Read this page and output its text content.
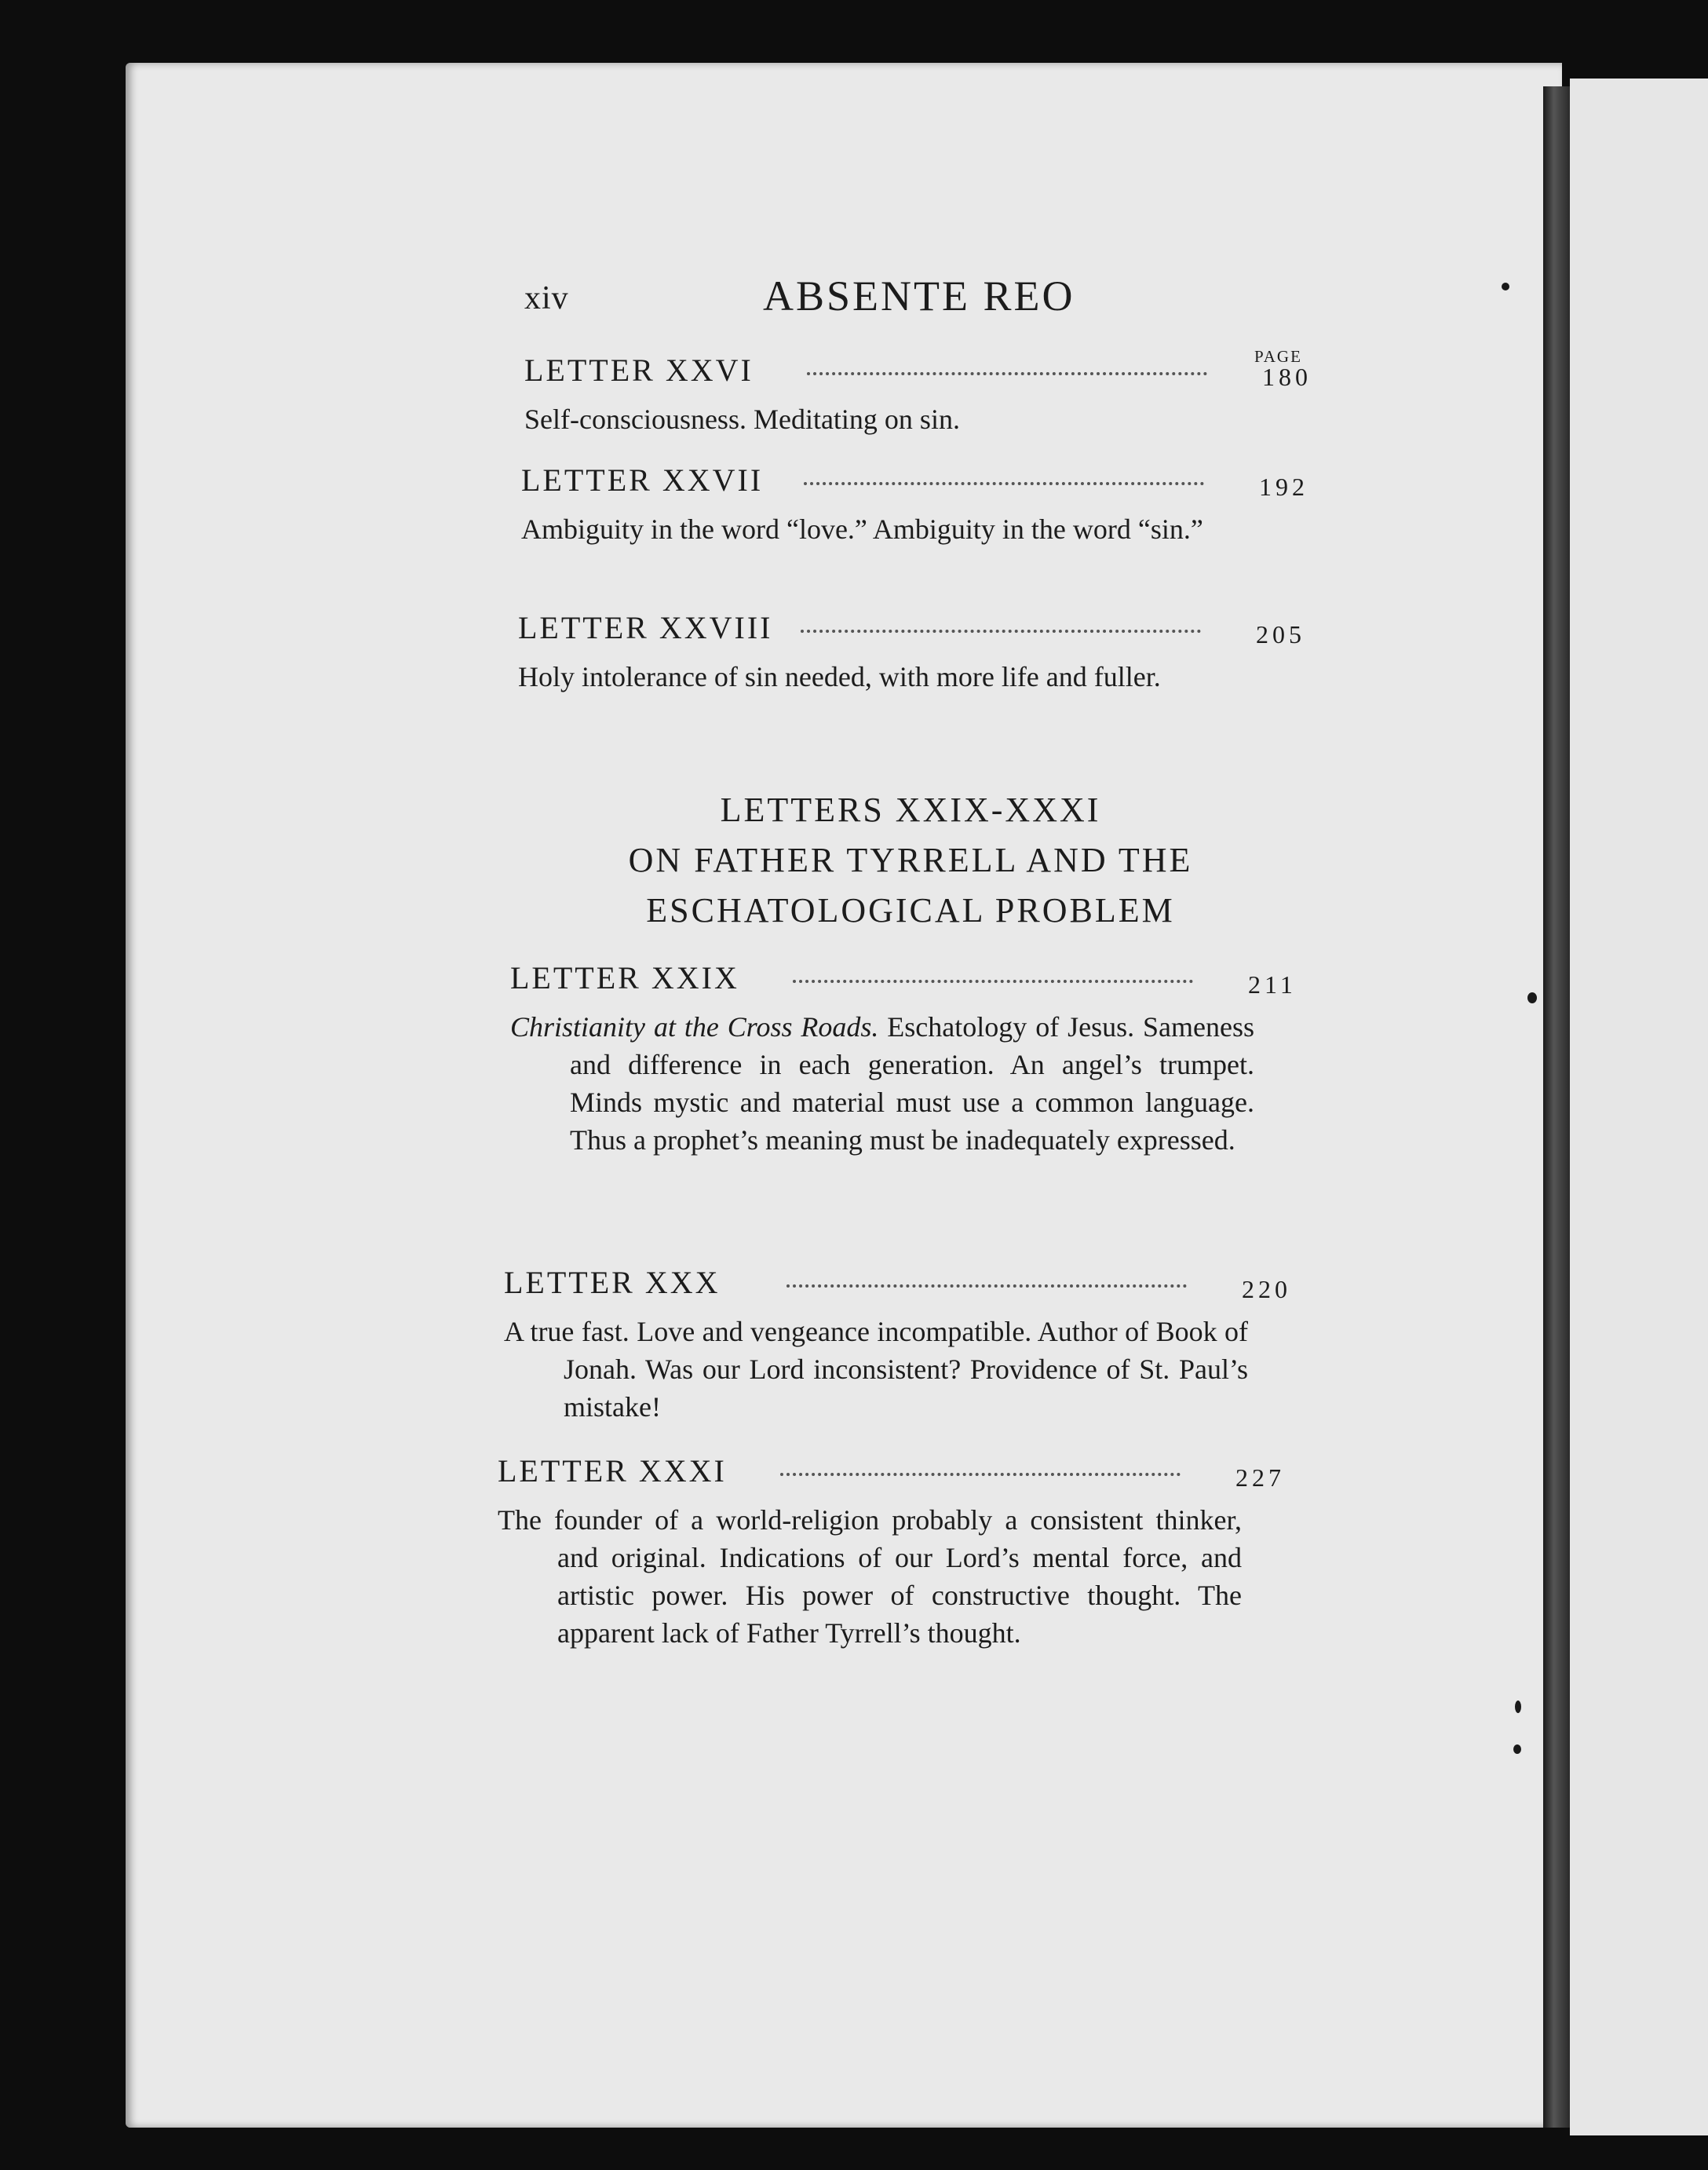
xiv	ABSENTE REO
PAGE
LETTER XXVI	180
Self-consciousness. Meditating on sin.
LETTER XXVII	192
Ambiguity in the word “love.” Ambiguity in the word “sin.”
LETTER XXVIII	205
Holy intolerance of sin needed, with more life and fuller.
LETTERS XXIX-XXXI
ON FATHER TYRRELL AND THE
ESCHATOLOGICAL PROBLEM
LETTER XXIX	211
Christianity at the Cross Roads. Eschatology of Jesus. Sameness and difference in each generation. An angel’s trumpet. Minds mystic and material must use a common language. Thus a prophet’s meaning must be inadequately expressed.
LETTER XXX	220
A true fast. Love and vengeance incompatible. Author of Book of Jonah. Was our Lord inconsistent? Providence of St. Paul’s mistake!
LETTER XXXI	227
The founder of a world-religion probably a consistent thinker, and original. Indications of our Lord’s mental force, and artistic power. His power of constructive thought. The apparent lack of Father Tyrrell’s thought.
